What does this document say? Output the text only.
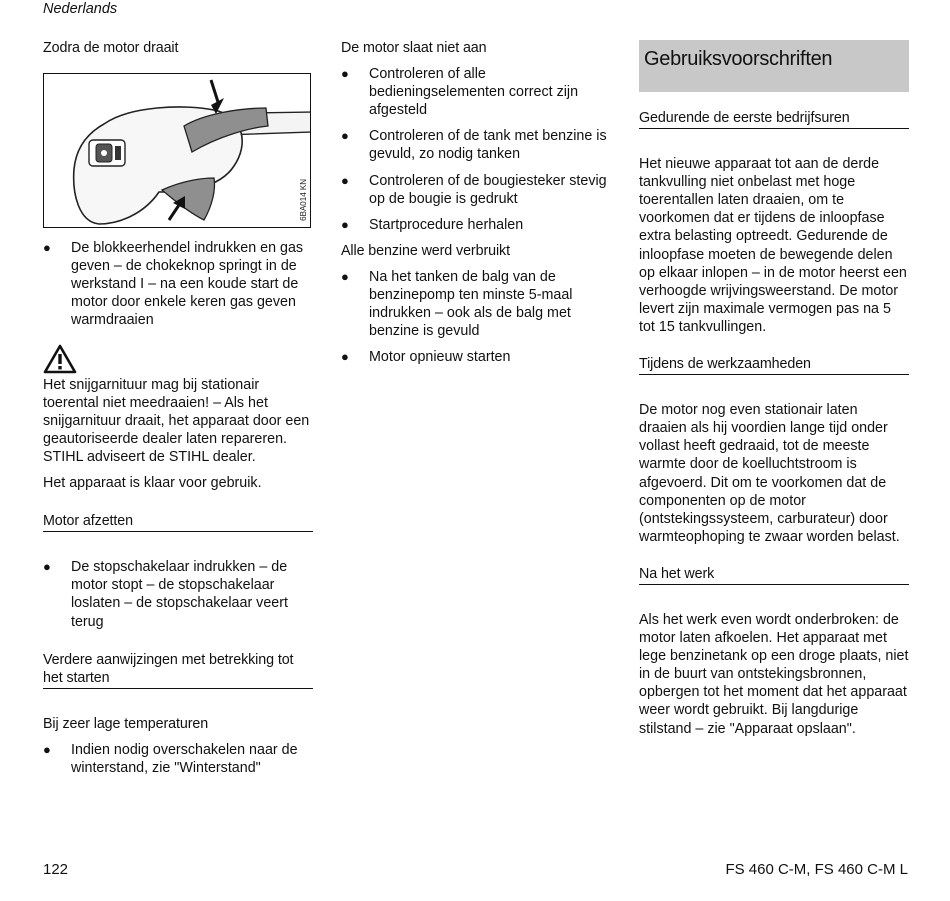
Nederlands

Zodra de motor draait

6BA014 KN

● De blokkeerhendel indrukken en gas geven – de chokeknop springt in de werkstand I – na een koude start de motor door enkele keren gas geven warmdraaien

Het snijgarnituur mag bij stationair toerental niet meedraaien! – Als het snijgarnituur draait, het apparaat door een geautoriseerde dealer laten repareren. STIHL adviseert de STIHL dealer.

Het apparaat is klaar voor gebruik.

Motor afzetten

● De stopschakelaar indrukken – de motor stopt – de stopschakelaar loslaten – de stopschakelaar veert terug

Verdere aanwijzingen met betrekking tot het starten

Bij zeer lage temperaturen

● Indien nodig overschakelen naar de winterstand, zie "Winterstand"

De motor slaat niet aan

● Controleren of alle bedieningselementen correct zijn afgesteld

● Controleren of de tank met benzine is gevuld, zo nodig tanken

● Controleren of de bougiesteker stevig op de bougie is gedrukt

● Startprocedure herhalen

Alle benzine werd verbruikt

● Na het tanken de balg van de benzinepomp ten minste 5-maal indrukken – ook als de balg met benzine is gevuld

● Motor opnieuw starten

Gebruiksvoorschriften

Gedurende de eerste bedrijfsuren

Het nieuwe apparaat tot aan de derde tankvulling niet onbelast met hoge toerentallen laten draaien, om te voorkomen dat er tijdens de inloopfase extra belasting optreedt. Gedurende de inloopfase moeten de bewegende delen op elkaar inlopen – in de motor heerst een verhoogde wrijvingsweerstand. De motor levert zijn maximale vermogen pas na 5 tot 15 tankvullingen.

Tijdens de werkzaamheden

De motor nog even stationair laten draaien als hij voordien lange tijd onder vollast heeft gedraaid, tot de meeste warmte door de koelluchtstroom is afgevoerd. Dit om te voorkomen dat de componenten op de motor (ontstekingssysteem, carburateur) door warmteophoping te zwaar worden belast.

Na het werk

Als het werk even wordt onderbroken: de motor laten afkoelen. Het apparaat met lege benzinetank op een droge plaats, niet in de buurt van ontstekingsbronnen, opbergen tot het moment dat het apparaat weer wordt gebruikt. Bij langdurige stilstand – zie "Apparaat opslaan".

122	FS 460 C-M, FS 460 C-M L
